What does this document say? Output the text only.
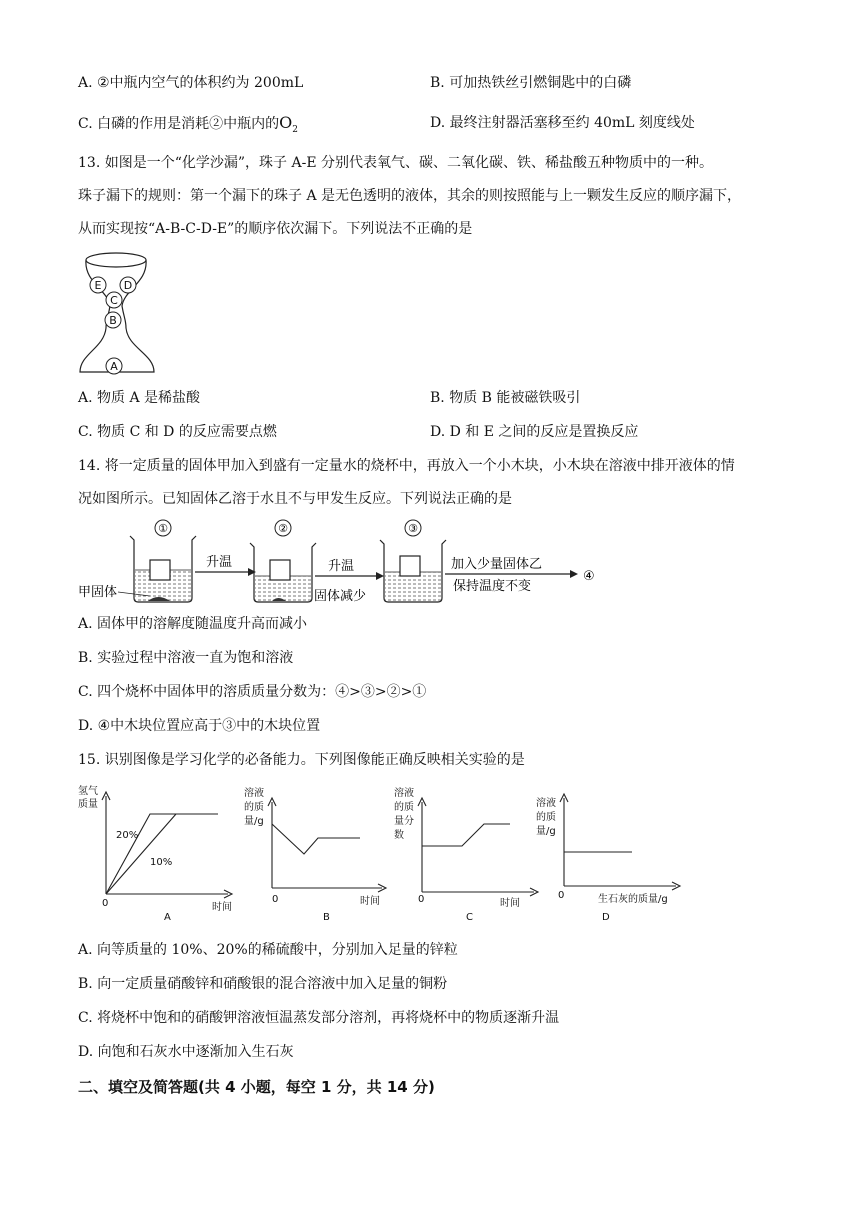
A. ②中瓶内空气的体积约为 200mL	B. 可加热铁丝引燃铜匙中的白磷
C. 白磷的作用是消耗②中瓶内的$O_2$	D. 最终注射器活塞移至约 40mL 刻度线处
13. 如图是一个“化学沙漏”，珠子 A-E 分别代表氧气、碳、二氧化碳、铁、稀盐酸五种物质中的一种。
珠子漏下的规则：第一个漏下的珠子 A 是无色透明的液体，其余的则按照能与上一颗发生反应的顺序漏下，
从而实现按“A-B-C-D-E”的顺序依次漏下。下列说法不正确的是
E D
C
B
A
A. 物质 A 是稀盐酸	B. 物质 B 能被磁铁吸引
C. 物质 C 和 D 的反应需要点燃	D. D 和 E 之间的反应是置换反应
14. 将一定质量的固体甲加入到盛有一定量水的烧杯中，再放入一个小木块，小木块在溶液中排开液体的情
况如图所示。已知固体乙溶于水且不与甲发生反应。下列说法正确的是
①
升温
②
升温
③
加入少量固体乙
保持温度不变
④
甲固体	固体减少
A. 固体甲的溶解度随温度升高而减小
B. 实验过程中溶液一直为饱和溶液
C. 四个烧杯中固体甲的溶质质量分数为：④>③>②>①
D. ④中木块位置应高于③中的木块位置
15. 识别图像是学习化学的必备能力。下列图像能正确反映相关实验的是
氢气
质量
20%
10%
0	时间
A
溶液
的质
量/g
0	时间
B
溶液
的质
量分
数
0	时间
C
溶液
的质
量/g
0	生石灰的质量/g
D
A. 向等质量的 10%、20%的稀硫酸中，分别加入足量的锌粒
B. 向一定质量硝酸锌和硝酸银的混合溶液中加入足量的铜粉
C. 将烧杯中饱和的硝酸钾溶液恒温蒸发部分溶剂，再将烧杯中的物质逐渐升温
D. 向饱和石灰水中逐渐加入生石灰
二、填空及简答题(共 4 小题，每空 1 分，共 14 分)
